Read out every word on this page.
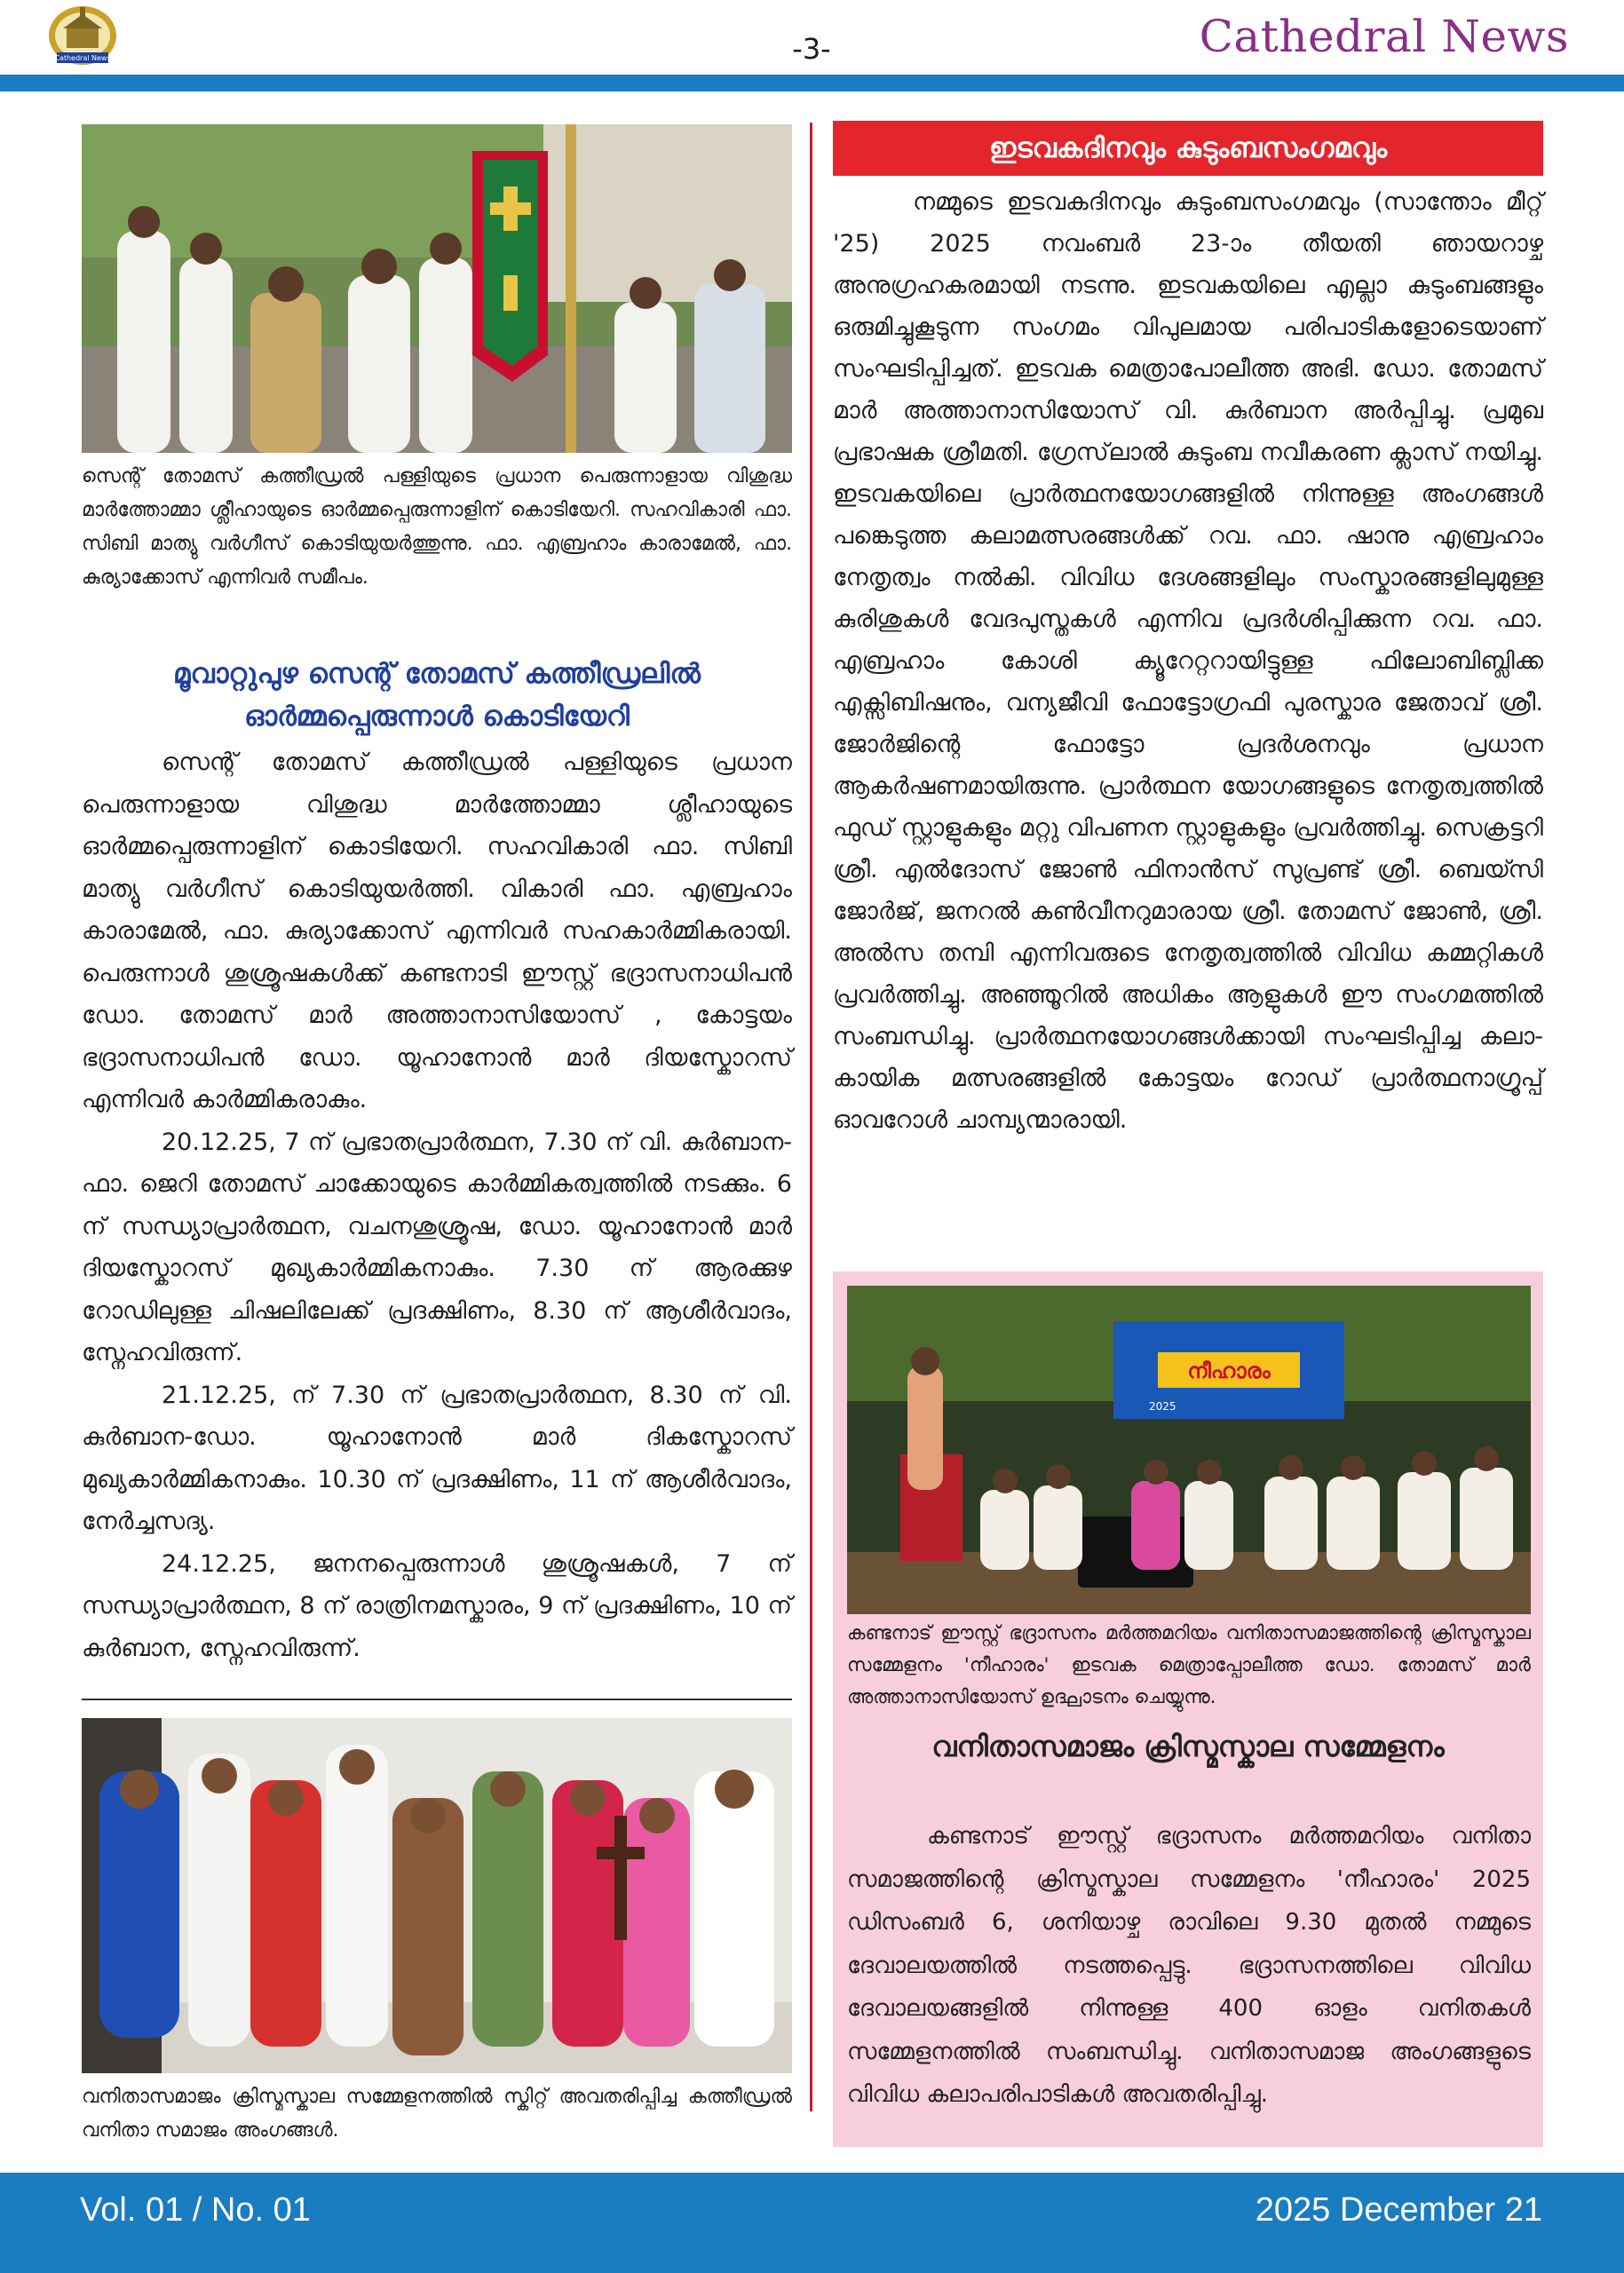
Cathedral News	-3-	Cathedral News
സെന്റ് തോമസ് കത്തീഡ്രൽ പള്ളിയുടെ പ്രധാന പെരുന്നാളായ വിശുദ്ധ മാർത്തോമ്മാ ശ്ലീഹായുടെ ഓർമ്മപ്പെരുന്നാളിന് കൊടിയേറി. സഹവികാരി ഫാ. സിബി മാത്യു വർഗീസ് കൊടിയുയർത്തുന്നു. ഫാ. എബ്രഹാം കാരാമേൽ, ഫാ. കുര്യാക്കോസ് എന്നിവർ സമീപം.
മൂവാറ്റുപുഴ സെന്റ് തോമസ് കത്തീഡ്രലിൽ ഓർമ്മപ്പെരുന്നാൾ കൊടിയേറി

സെന്റ് തോമസ് കത്തീഡ്രൽ പള്ളിയുടെ പ്രധാന പെരുന്നാളായ വിശുദ്ധ മാർത്തോമ്മാ ശ്ലീഹായുടെ ഓർമ്മപ്പെരുന്നാളിന് കൊടിയേറി. സഹവികാരി ഫാ. സിബി മാത്യു വർഗീസ് കൊടിയുയർത്തി. വികാരി ഫാ. എബ്രഹാം കാരാമേൽ, ഫാ. കുര്യാക്കോസ് എന്നിവർ സഹകാർമ്മികരായി. പെരുന്നാൾ ശുശ്രൂഷകൾക്ക് കണ്ടനാടി ഈസ്റ്റ് ഭദ്രാസനാധിപൻ ഡോ. തോമസ് മാർ അത്താനാസിയോസ് , കോട്ടയം ഭദ്രാസനാധിപൻ ഡോ. യൂഹാനോൻ മാർ ദിയസ്കോറസ് എന്നിവർ കാർമ്മികരാകും.

20.12.25, 7 ന് പ്രഭാതപ്രാർത്ഥന, 7.30 ന് വി. കുർബാന-ഫാ. ജെറി തോമസ് ചാക്കോയുടെ കാർമ്മികത്വത്തിൽ നടക്കും. 6 ന് സന്ധ്യാപ്രാർത്ഥന, വചനശുശ്രൂഷ, ഡോ. യൂഹാനോൻ മാർ ദിയസ്കോറസ് മുഖ്യകാർമ്മികനാകും. 7.30 ന് ആരക്കുഴ റോഡിലുള്ള ചിഷലിലേക്ക് പ്രദക്ഷിണം, 8.30 ന് ആശീർവാദം, സ്നേഹവിരുന്ന്.

21.12.25, ന് 7.30 ന് പ്രഭാതപ്രാർത്ഥന, 8.30 ന് വി. കുർബാന-ഡോ. യൂഹാനോൻ മാർ ദികസ്കോറസ് മുഖ്യകാർമ്മികനാകും. 10.30 ന് പ്രദക്ഷിണം, 11 ന് ആശീർവാദം, നേർച്ചസദ്യ.

24.12.25, ജനനപ്പെരുന്നാൾ ശുശ്രൂഷകൾ, 7 ന് സന്ധ്യാപ്രാർത്ഥന, 8 ന് രാത്രിനമസ്കാരം, 9 ന് പ്രദക്ഷിണം, 10 ന് കുർബാന, സ്നേഹവിരുന്ന്.

വനിതാസമാജം ക്രിസ്മസ്കാല സമ്മേളനത്തിൽ സ്കിറ്റ് അവതരിപ്പിച്ച കത്തീഡ്രൽ വനിതാ സമാജം അംഗങ്ങൾ.
ഇടവകദിനവും കുടുംബസംഗമവും

നമ്മുടെ ഇടവകദിനവും കുടുംബസംഗമവും (സാന്തോം മീറ്റ് '25) 2025 നവംബർ 23-ാം തീയതി ഞായറാഴ്ച അനുഗ്രഹകരമായി നടന്നു. ഇടവകയിലെ എല്ലാ കുടുംബങ്ങളും ഒരുമിച്ചുകൂടുന്ന സംഗമം വിപുലമായ പരിപാടികളോടെയാണ് സംഘടിപ്പിച്ചത്. ഇടവക മെത്രാപോലീത്ത അഭി. ഡോ. തോമസ് മാർ അത്താനാസിയോസ് വി. കുർബാന അർപ്പിച്ചു. പ്രമുഖ പ്രഭാഷക ശ്രീമതി. ഗ്രേസ്‌ലാൽ കുടുംബ നവീകരണ ക്ലാസ് നയിച്ചു. ഇടവകയിലെ പ്രാർത്ഥനയോഗങ്ങളിൽ നിന്നുള്ള അംഗങ്ങൾ പങ്കെടുത്ത കലാമത്സരങ്ങൾക്ക് റവ. ഫാ. ഷാനു എബ്രഹാം നേതൃത്വം നൽകി. വിവിധ ദേശങ്ങളിലും സംസ്കാരങ്ങളിലുമുള്ള കുരിശുകൾ വേദപുസ്തകൾ എന്നിവ പ്രദർശിപ്പിക്കുന്ന റവ. ഫാ. എബ്രഹാം കോശി ക്യൂറേറ്ററായിട്ടുള്ള ഫിലോബിബ്ലിക്ക എക്സിബിഷനും, വന്യജീവി ഫോട്ടോഗ്രഫി പുരസ്കാര ജേതാവ് ശ്രീ. ജോർജിന്റെ ഫോട്ടോ പ്രദർശനവും പ്രധാന ആകർഷണമായിരുന്നു. പ്രാർത്ഥന യോഗങ്ങളുടെ നേതൃത്വത്തിൽ ഫുഡ് സ്റ്റാളുകളും മറ്റു വിപണന സ്റ്റാളുകളും പ്രവർത്തിച്ചു. സെക്രട്ടറി ശ്രീ. എൽദോസ് ജോൺ ഫിനാൻസ് സുപ്രണ്ട് ശ്രീ. ബെയ്സി ജോർജ്, ജനറൽ കൺവീനറുമാരായ ശ്രീ. തോമസ് ജോൺ, ശ്രീ. അൽസ തമ്പി എന്നിവരുടെ നേതൃത്വത്തിൽ വിവിധ കമ്മറ്റികൾ പ്രവർത്തിച്ചു. അഞ്ഞൂറിൽ അധികം ആളുകൾ ഈ സംഗമത്തിൽ സംബന്ധിച്ചു. പ്രാർത്ഥനയോഗങ്ങൾക്കായി സംഘടിപ്പിച്ച കലാ-കായിക മത്സരങ്ങളിൽ കോട്ടയം റോഡ് പ്രാർത്ഥനാഗ്രൂപ്പ് ഓവറോൾ ചാമ്പ്യന്മാരായി.

നീഹാരം
2025
കണ്ടനാട് ഈസ്റ്റ് ഭദ്രാസനം മർത്തമറിയം വനിതാസമാജത്തിന്റെ ക്രിസ്മസ്കാല സമ്മേളനം 'നീഹാരം' ഇടവക മെത്രാപ്പോലീത്ത ഡോ. തോമസ് മാർ അത്താനാസിയോസ് ഉദ്ഘാടനം ചെയ്യുന്നു.
വനിതാസമാജം ക്രിസ്മസ്കാല സമ്മേളനം

കണ്ടനാട് ഈസ്റ്റ് ഭദ്രാസനം മർത്തമറിയം വനിതാ സമാജത്തിന്റെ ക്രിസ്മസ്കാല സമ്മേളനം 'നീഹാരം' 2025 ഡിസംബർ 6, ശനിയാഴ്ച രാവിലെ 9.30 മുതൽ നമ്മുടെ ദേവാലയത്തിൽ നടത്തപ്പെട്ടു. ഭദ്രാസനത്തിലെ വിവിധ ദേവാലയങ്ങളിൽ നിന്നുള്ള 400 ഓളം വനിതകൾ സമ്മേളനത്തിൽ സംബന്ധിച്ചു. വനിതാസമാജ അംഗങ്ങളുടെ വിവിധ കലാപരിപാടികൾ അവതരിപ്പിച്ചു.

Vol. 01 / No. 01	2025 December 21
